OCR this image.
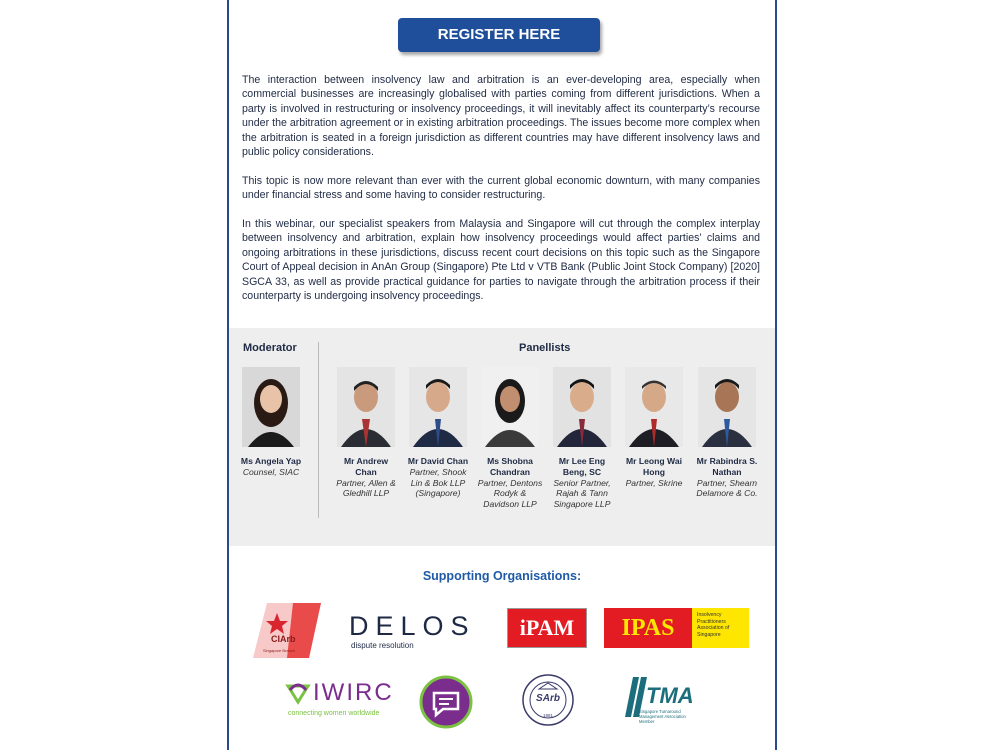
REGISTER HERE

The interaction between insolvency law and arbitration is an ever-developing area, especially when commercial businesses are increasingly globalised with parties coming from different jurisdictions. When a party is involved in restructuring or insolvency proceedings, it will inevitably affect its counterparty’s recourse under the arbitration agreement or in existing arbitration proceedings. The issues become more complex when the arbitration is seated in a foreign jurisdiction as different countries may have different insolvency laws and public policy considerations.

This topic is now more relevant than ever with the current global economic downturn, with many companies under financial stress and some having to consider restructuring.

In this webinar, our specialist speakers from Malaysia and Singapore will cut through the complex interplay between insolvency and arbitration, explain how insolvency proceedings would affect parties’ claims and ongoing arbitrations in these jurisdictions, discuss recent court decisions on this topic such as the Singapore Court of Appeal decision in AnAn Group (Singapore) Pte Ltd v VTB Bank (Public Joint Stock Company) [2020] SGCA 33, as well as provide practical guidance for parties to navigate through the arbitration process if their counterparty is undergoing insolvency proceedings.

Moderator	Panellists
Ms Angela Yap
Counsel, SIAC
Mr Andrew Chan
Partner, Allen & Gledhill LLP
Mr David Chan
Partner, Shook Lin & Bok LLP (Singapore)
Ms Shobna Chandran
Partner, Dentons Rodyk & Davidson LLP
Mr Lee Eng Beng, SC
Senior Partner, Rajah & Tann Singapore LLP
Mr Leong Wai Hong
Partner, Skrine
Mr Rabindra S. Nathan
Partner, Shearn Delamore & Co.
Supporting Organisations:
CIArb
Singapore Branch
DELOS
dispute resolution
iPAM	IPAS	Insolvency Practitioners Association of Singapore
IWIRC
connecting women worldwide
SArb
1981
TMA
Singapore Turnaround Management Association Member
